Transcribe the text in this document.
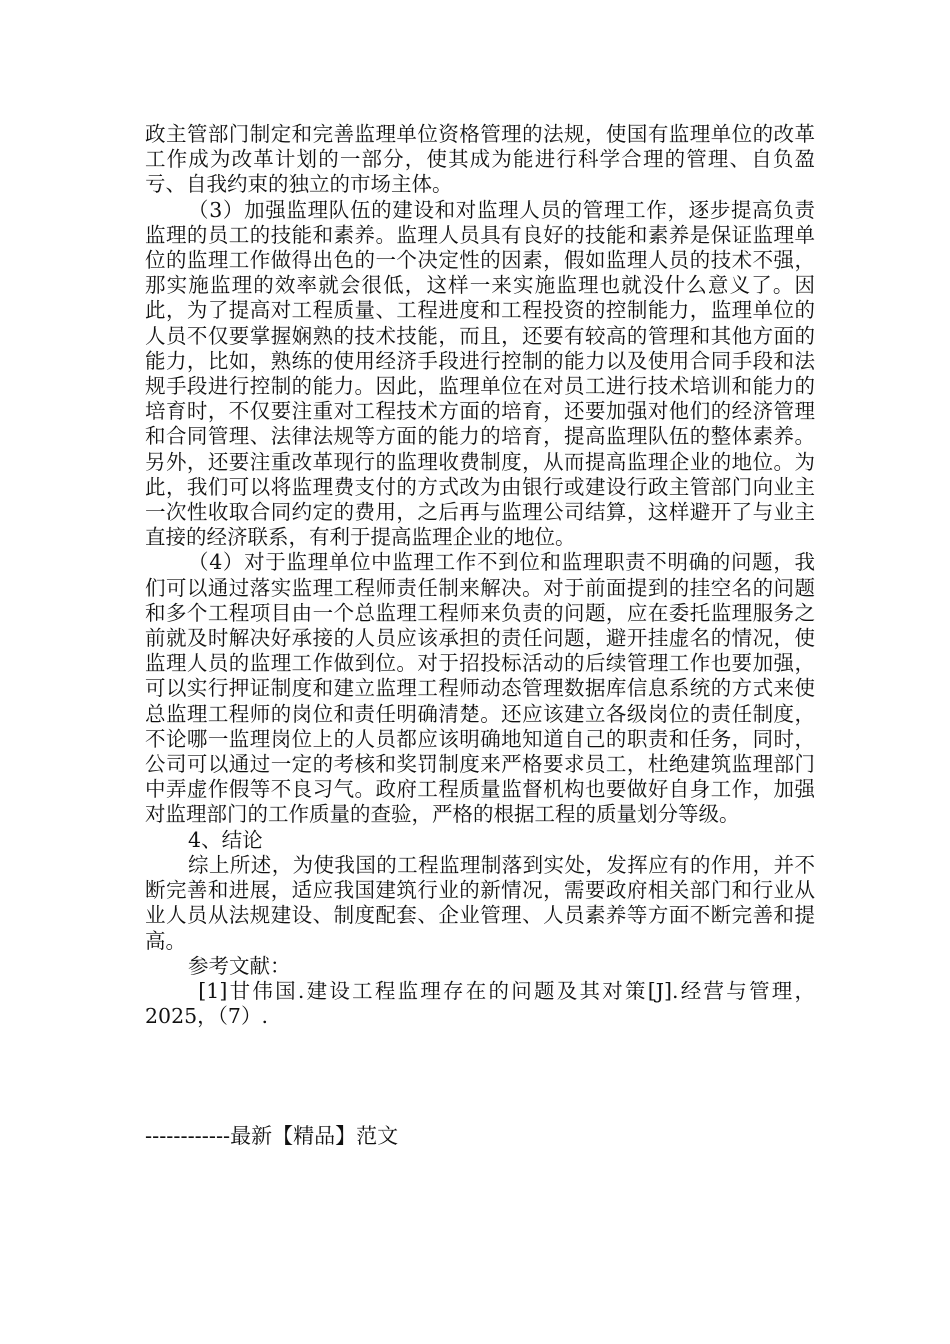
政主管部门制定和完善监理单位资格管理的法规，使国有监理单位的改革工作成为改革计划的一部分，使其成为能进行科学合理的管理、自负盈亏、自我约束的独立的市场主体。

（3）加强监理队伍的建设和对监理人员的管理工作，逐步提高负责监理的员工的技能和素养。监理人员具有良好的技能和素养是保证监理单位的监理工作做得出色的一个决定性的因素，假如监理人员的技术不强，那实施监理的效率就会很低，这样一来实施监理也就没什么意义了。因此，为了提高对工程质量、工程进度和工程投资的控制能力，监理单位的人员不仅要掌握娴熟的技术技能，而且，还要有较高的管理和其他方面的能力，比如，熟练的使用经济手段进行控制的能力以及使用合同手段和法规手段进行控制的能力。因此，监理单位在对员工进行技术培训和能力的培育时，不仅要注重对工程技术方面的培育，还要加强对他们的经济管理和合同管理、法律法规等方面的能力的培育，提高监理队伍的整体素养。另外，还要注重改革现行的监理收费制度，从而提高监理企业的地位。为此，我们可以将监理费支付的方式改为由银行或建设行政主管部门向业主一次性收取合同约定的费用，之后再与监理公司结算，这样避开了与业主直接的经济联系，有利于提高监理企业的地位。

（4）对于监理单位中监理工作不到位和监理职责不明确的问题，我们可以通过落实监理工程师责任制来解决。对于前面提到的挂空名的问题和多个工程项目由一个总监理工程师来负责的问题，应在委托监理服务之前就及时解决好承接的人员应该承担的责任问题，避开挂虚名的情况，使监理人员的监理工作做到位。对于招投标活动的后续管理工作也要加强，可以实行押证制度和建立监理工程师动态管理数据库信息系统的方式来使总监理工程师的岗位和责任明确清楚。还应该建立各级岗位的责任制度，不论哪一监理岗位上的人员都应该明确地知道自己的职责和任务，同时，公司可以通过一定的考核和奖罚制度来严格要求员工，杜绝建筑监理部门中弄虚作假等不良习气。政府工程质量监督机构也要做好自身工作，加强对监理部门的工作质量的查验，严格的根据工程的质量划分等级。

4、结论

综上所述，为使我国的工程监理制落到实处，发挥应有的作用，并不断完善和进展，适应我国建筑行业的新情况，需要政府相关部门和行业从业人员从法规建设、制度配套、企业管理、人员素养等方面不断完善和提高。

参考文献：

[1]甘伟国.建设工程监理存在的问题及其对策[J].经营与管理，2025，（7）.

------------最新【精品】范文
